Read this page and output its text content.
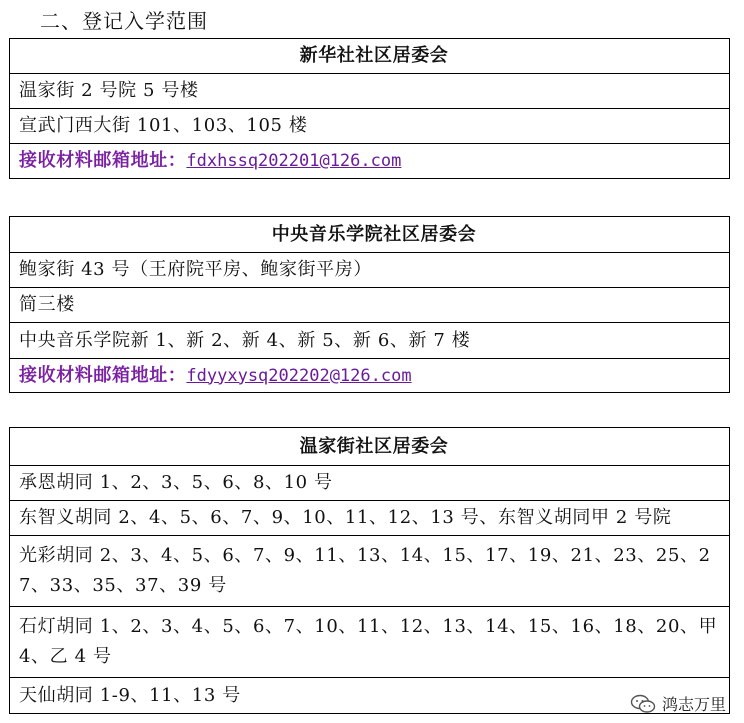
二、登记入学范围
新华社社区居委会
温家街 2 号院 5 号楼
宣武门西大街 101、103、105 楼
接收材料邮箱地址：fdxhssq202201@126.com
中央音乐学院社区居委会
鲍家街 43 号（王府院平房、鲍家街平房）
简三楼
中央音乐学院新 1、新 2、新 4、新 5、新 6、新 7 楼
接收材料邮箱地址：fdyyxysq202202@126.com
温家街社区居委会
承恩胡同 1、2、3、5、6、8、10 号
东智义胡同 2、4、5、6、7、9、10、11、12、13 号、东智义胡同甲 2 号院
光彩胡同 2、3、4、5、6、7、9、11、13、14、15、17、19、21、23、25、27、33、35、37、39 号
石灯胡同 1、2、3、4、5、6、7、10、11、12、13、14、15、16、18、20、甲 4、乙 4 号
天仙胡同 1-9、11、13 号	鸿志万里
